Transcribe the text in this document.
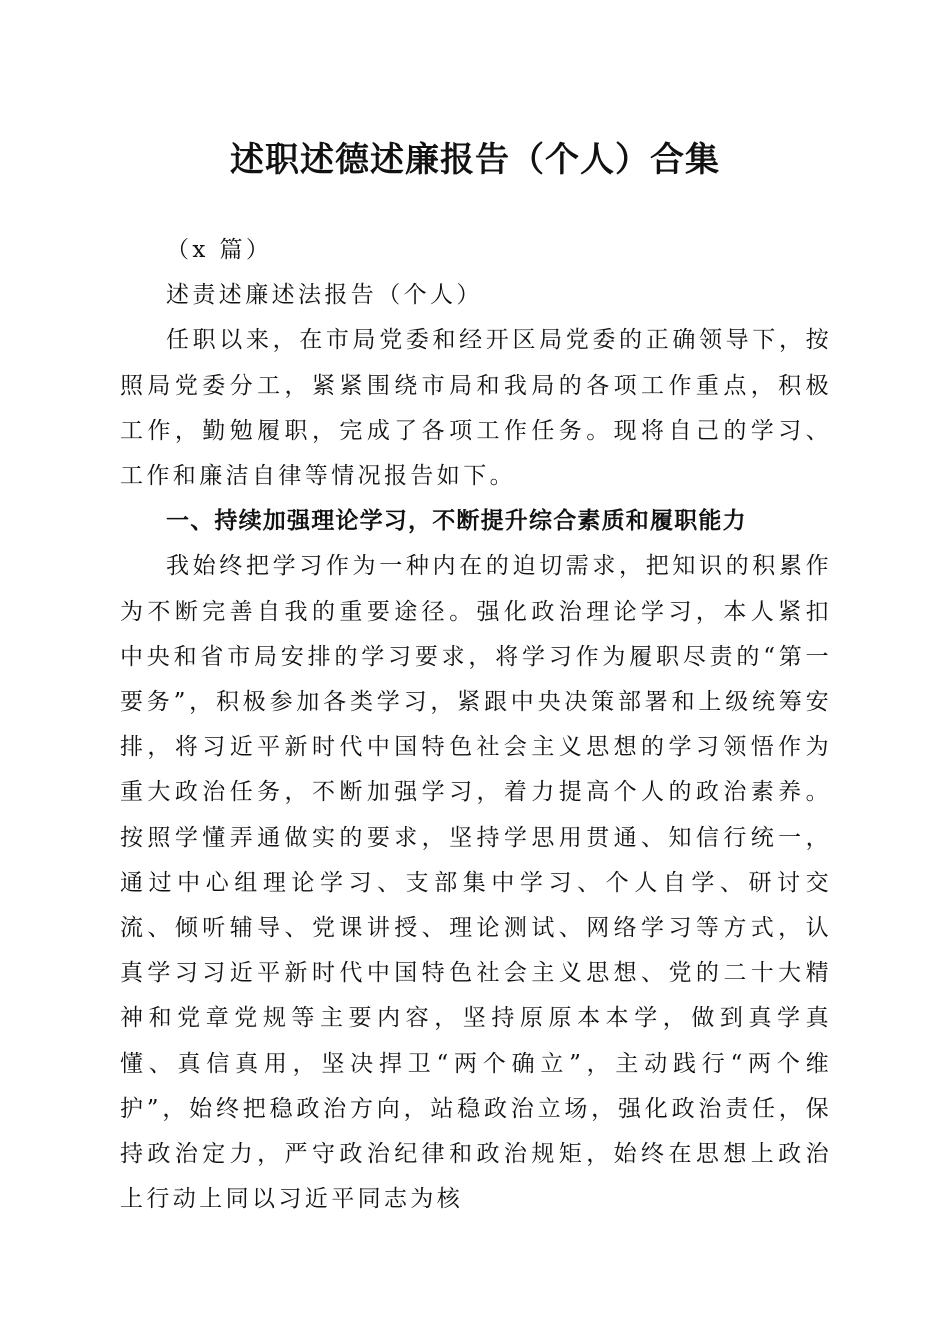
述职述德述廉报告（个人）合集

（x 篇）

述责述廉述法报告（个人）

任职以来，在市局党委和经开区局党委的正确领导下，按照局党委分工，紧紧围绕市局和我局的各项工作重点，积极工作，勤勉履职，完成了各项工作任务。现将自己的学习、工作和廉洁自律等情况报告如下。

一、持续加强理论学习，不断提升综合素质和履职能力

我始终把学习作为一种内在的迫切需求，把知识的积累作为不断完善自我的重要途径。强化政治理论学习，本人紧扣中央和省市局安排的学习要求，将学习作为履职尽责的“第一要务”，积极参加各类学习，紧跟中央决策部署和上级统筹安排，将习近平新时代中国特色社会主义思想的学习领悟作为重大政治任务，不断加强学习，着力提高个人的政治素养。按照学懂弄通做实的要求，坚持学思用贯通、知信行统一，通过中心组理论学习、支部集中学习、个人自学、研讨交流、倾听辅导、党课讲授、理论测试、网络学习等方式，认真学习习近平新时代中国特色社会主义思想、党的二十大精神和党章党规等主要内容，坚持原原本本学，做到真学真懂、真信真用，坚决捍卫“两个确立”，主动践行“两个维护”，始终把稳政治方向，站稳政治立场，强化政治责任，保持政治定力，严守政治纪律和政治规矩，始终在思想上政治上行动上同以习近平同志为核
